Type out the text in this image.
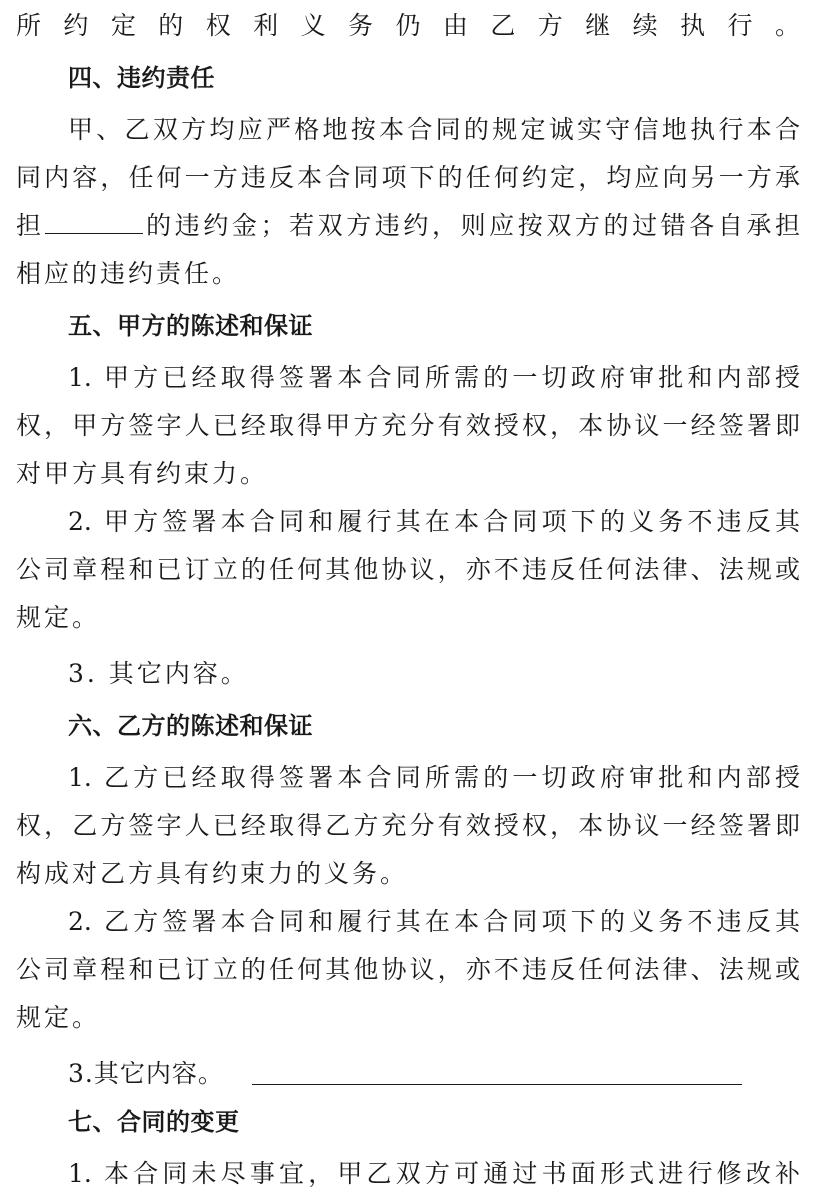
所约定的权利义务仍由乙方继续执行。
四、违约责任
甲、乙双方均应严格地按本合同的规定诚实守信地执行本合
同内容，任何一方违反本合同项下的任何约定，均应向另一方承
担	的违约金；若双方违约，则应按双方的过错各自承担
相应的违约责任。
五、甲方的陈述和保证
1. 甲方已经取得签署本合同所需的一切政府审批和内部授
权，甲方签字人已经取得甲方充分有效授权，本协议一经签署即
对甲方具有约束力。
2. 甲方签署本合同和履行其在本合同项下的义务不违反其
公司章程和已订立的任何其他协议，亦不违反任何法律、法规或
规定。
3. 其它内容。
六、乙方的陈述和保证
1. 乙方已经取得签署本合同所需的一切政府审批和内部授
权，乙方签字人已经取得乙方充分有效授权，本协议一经签署即
构成对乙方具有约束力的义务。
2. 乙方签署本合同和履行其在本合同项下的义务不违反其
公司章程和已订立的任何其他协议，亦不违反任何法律、法规或
规定。
3.其它内容。
七、合同的变更
1. 本合同未尽事宜，甲乙双方可通过书面形式进行修改补
